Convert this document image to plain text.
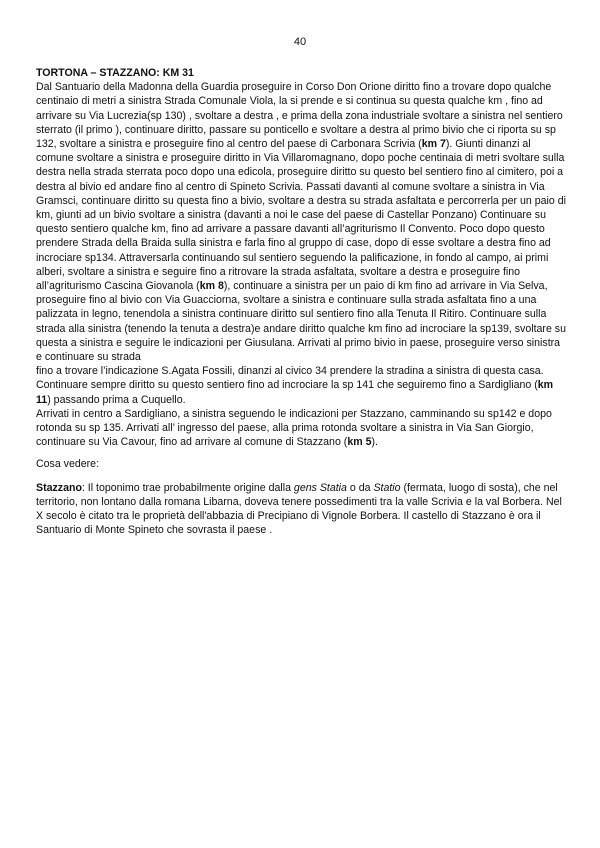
40

TORTONA – STAZZANO: KM 31

Dal Santuario della Madonna della Guardia proseguire in Corso Don Orione diritto fino a trovare dopo qualche centinaio di metri a sinistra Strada Comunale Viola, la si prende e si continua su questa qualche km , fino ad arrivare su Via Lucrezia(sp 130) , svoltare a destra , e prima della zona industriale svoltare a sinistra nel sentiero sterrato (il primo ), continuare diritto, passare su ponticello e svoltare a destra al primo bivio che ci riporta su sp 132, svoltare a sinistra e proseguire fino al centro del paese di Carbonara Scrivia (km 7). Giunti dinanzi al comune svoltare a sinistra e proseguire diritto in Via Villaromagnano, dopo poche centinaia di metri svoltare sulla destra nella strada sterrata poco dopo una edicola, proseguire diritto su questo bel sentiero fino al cimitero, poi a destra al bivio ed andare fino al centro di Spineto Scrivia. Passati davanti al comune svoltare a sinistra in Via Gramsci, continuare diritto su questa fino a bivio, svoltare a destra su strada asfaltata e percorrerla per un paio di km, giunti ad un bivio svoltare a sinistra (davanti a noi le case del paese di Castellar Ponzano) Continuare su questo sentiero qualche km, fino ad arrivare a passare davanti all’agriturismo Il Convento. Poco dopo questo prendere Strada della Braida sulla sinistra e farla fino al gruppo di case, dopo di esse svoltare a destra fino ad incrociare sp134. Attraversarla continuando sul sentiero seguendo la palificazione, in fondo al campo, ai primi alberi, svoltare a sinistra e seguire fino a ritrovare la strada asfaltata, svoltare a destra e proseguire fino all’agriturismo Cascina Giovanola (km 8), continuare a sinistra per un paio di km fino ad arrivare in Via Selva, proseguire fino al bivio con Via Guacciorna, svoltare a sinistra e continuare sulla strada asfaltata fino a una palizzata in legno, tenendola a sinistra continuare diritto sul sentiero fino alla Tenuta Il Ritiro. Continuare sulla strada alla sinistra (tenendo la tenuta a destra)e andare diritto qualche km fino ad incrociare la sp139, svoltare su questa a sinistra e seguire le indicazioni per Giusulana. Arrivati al primo bivio in paese, proseguire verso sinistra e continuare su strada

fino a trovare l’indicazione S.Agata Fossili, dinanzi al civico 34 prendere la stradina a sinistra di questa casa. Continuare sempre diritto su questo sentiero fino ad incrociare la sp 141 che seguiremo fino a Sardigliano (km 11) passando prima a Cuquello.

Arrivati in centro a Sardigliano, a sinistra seguendo le indicazioni per Stazzano, camminando su sp142 e dopo rotonda su sp 135. Arrivati all’ ingresso del paese, alla prima rotonda svoltare a sinistra in Via San Giorgio, continuare su Via Cavour, fino ad arrivare al comune di Stazzano (km 5).

Cosa vedere:

Stazzano: Il toponimo trae probabilmente origine dalla gens Statia o da Statio (fermata, luogo di sosta), che nel territorio, non lontano dalla romana Libarna, doveva tenere possedimenti tra la valle Scrivia e la val Borbera. Nel X secolo è citato tra le proprietà dell'abbazia di Precipiano di Vignole Borbera. Il castello di Stazzano è ora il Santuario di Monte Spineto che sovrasta il paese .
